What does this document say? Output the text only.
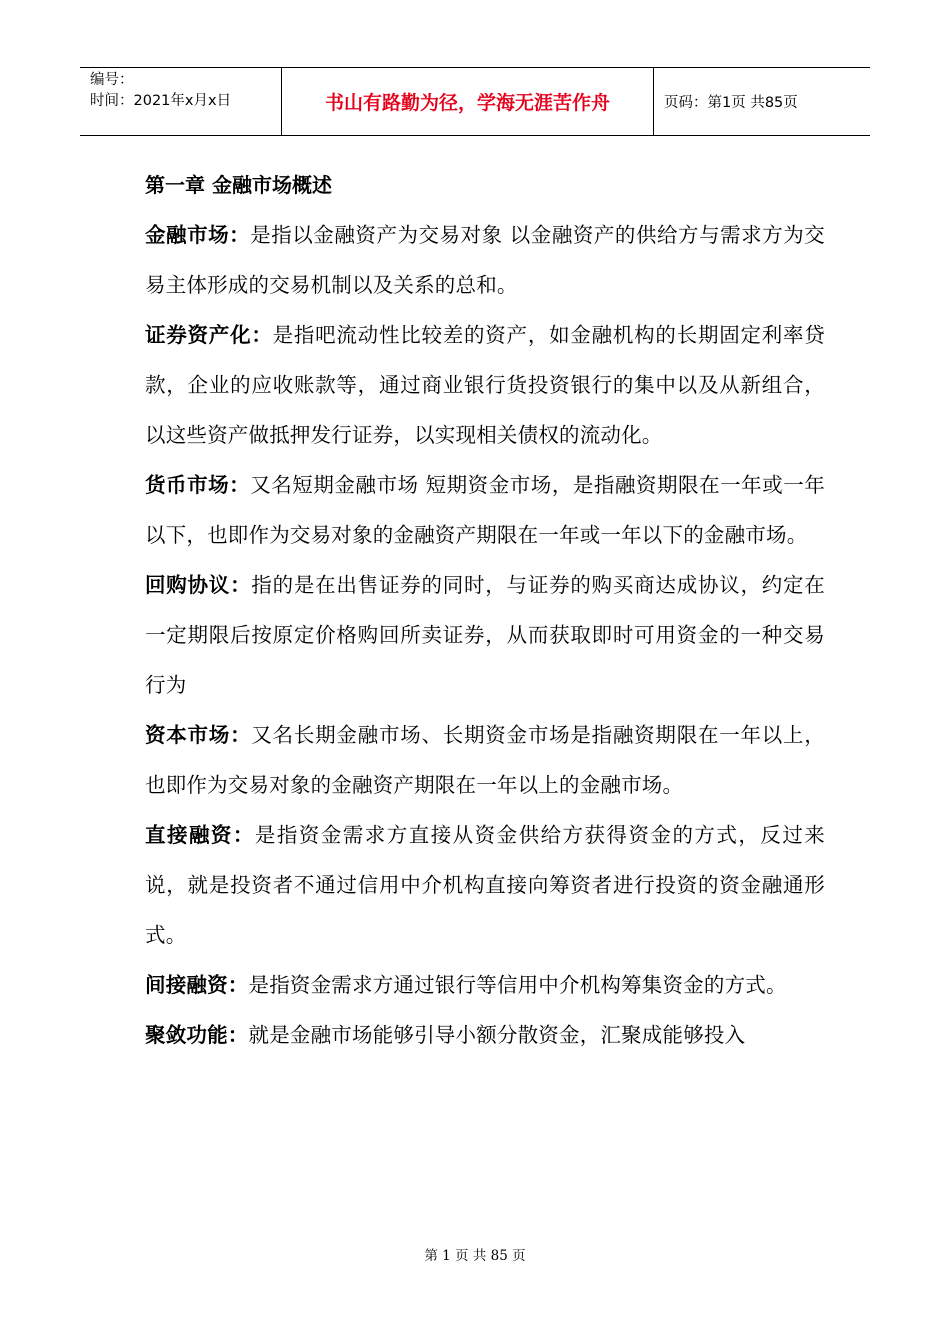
编号：
时间：2021年x月x日	书山有路勤为径，学海无涯苦作舟	页码：第1页 共85页

第一章 金融市场概述

金融市场：是指以金融资产为交易对象 以金融资产的供给方与需求方为交易主体形成的交易机制以及关系的总和。

证券资产化：是指吧流动性比较差的资产，如金融机构的长期固定利率贷款，企业的应收账款等，通过商业银行货投资银行的集中以及从新组合，以这些资产做抵押发行证券，以实现相关债权的流动化。

货币市场：又名短期金融市场 短期资金市场，是指融资期限在一年或一年以下，也即作为交易对象的金融资产期限在一年或一年以下的金融市场。

回购协议：指的是在出售证券的同时，与证券的购买商达成协议，约定在一定期限后按原定价格购回所卖证券，从而获取即时可用资金的一种交易行为

资本市场：又名长期金融市场、长期资金市场是指融资期限在一年以上，也即作为交易对象的金融资产期限在一年以上的金融市场。

直接融资：是指资金需求方直接从资金供给方获得资金的方式，反过来说，就是投资者不通过信用中介机构直接向筹资者进行投资的资金融通形式。

间接融资：是指资金需求方通过银行等信用中介机构筹集资金的方式。

聚敛功能：就是金融市场能够引导小额分散资金，汇聚成能够投入

第 1 页 共 85 页
